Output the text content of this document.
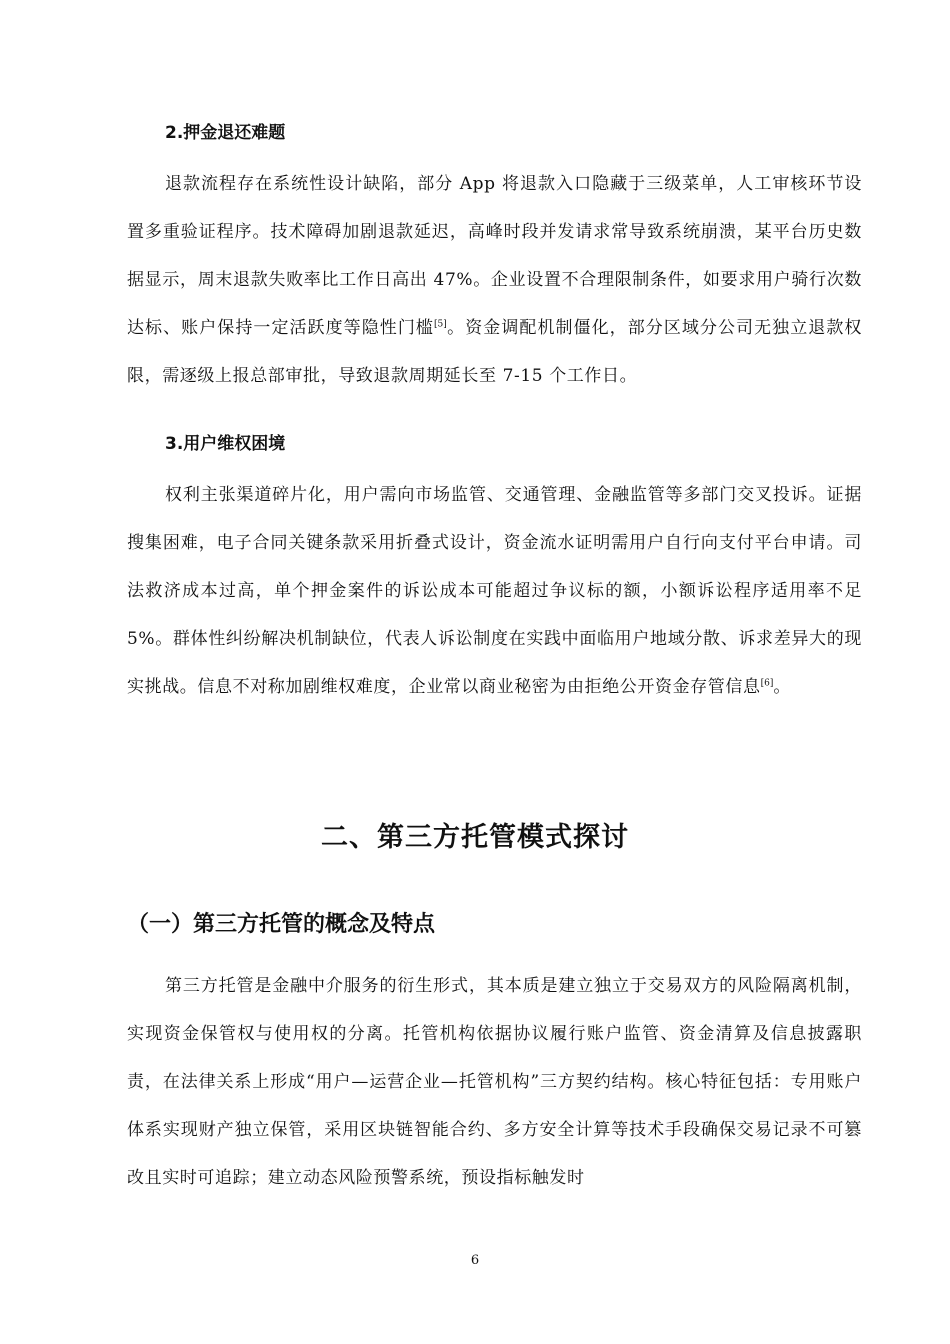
2.押金退还难题

退款流程存在系统性设计缺陷，部分 App 将退款入口隐藏于三级菜单，人工审核环节设置多重验证程序。技术障碍加剧退款延迟，高峰时段并发请求常导致系统崩溃，某平台历史数据显示，周末退款失败率比工作日高出 47%。企业设置不合理限制条件，如要求用户骑行次数达标、账户保持一定活跃度等隐性门槛[5]。资金调配机制僵化，部分区域分公司无独立退款权限，需逐级上报总部审批，导致退款周期延长至 7-15 个工作日。

3.用户维权困境

权利主张渠道碎片化，用户需向市场监管、交通管理、金融监管等多部门交叉投诉。证据搜集困难，电子合同关键条款采用折叠式设计，资金流水证明需用户自行向支付平台申请。司法救济成本过高，单个押金案件的诉讼成本可能超过争议标的额，小额诉讼程序适用率不足 5%。群体性纠纷解决机制缺位，代表人诉讼制度在实践中面临用户地域分散、诉求差异大的现实挑战。信息不对称加剧维权难度，企业常以商业秘密为由拒绝公开资金存管信息[6]。

二、第三方托管模式探讨
（一）第三方托管的概念及特点

第三方托管是金融中介服务的衍生形式，其本质是建立独立于交易双方的风险隔离机制，实现资金保管权与使用权的分离。托管机构依据协议履行账户监管、资金清算及信息披露职责，在法律关系上形成“用户—运营企业—托管机构”三方契约结构。核心特征包括：专用账户体系实现财产独立保管，采用区块链智能合约、多方安全计算等技术手段确保交易记录不可篡改且实时可追踪；建立动态风险预警系统，预设指标触发时

6
